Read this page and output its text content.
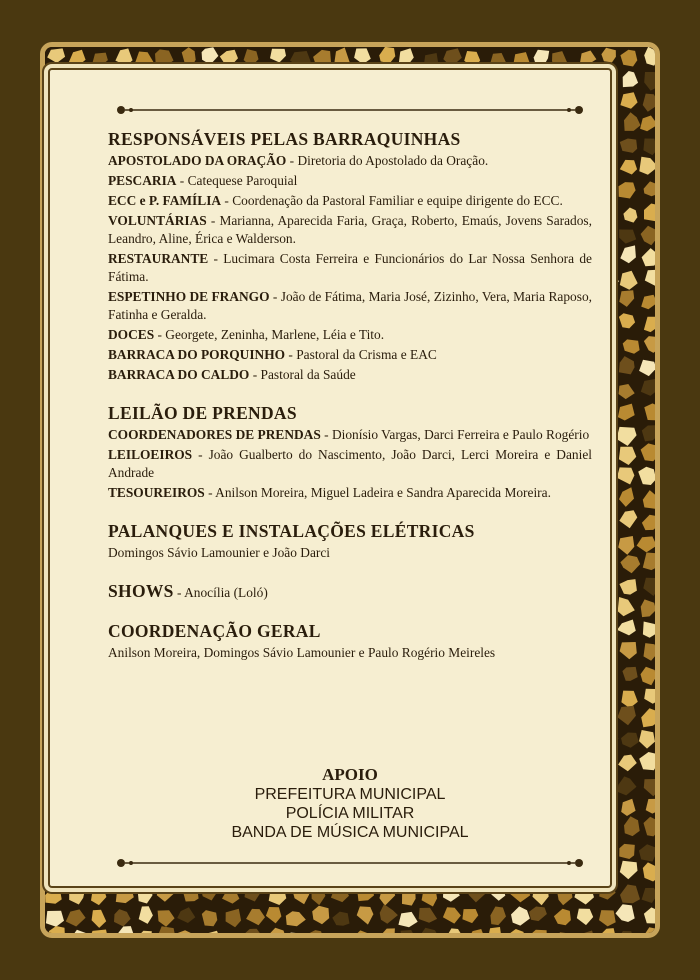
RESPONSÁVEIS PELAS BARRAQUINHAS
APOSTOLADO DA ORAÇÃO - Diretoria do Apostolado da Oração.
PESCARIA - Catequese Paroquial
ECC e P. FAMÍLIA - Coordenação da Pastoral Familiar e equipe dirigente do ECC.
VOLUNTÁRIAS - Marianna, Aparecida Faria, Graça, Roberto, Emaús, Jovens Sarados, Leandro, Aline, Érica e Walderson.
RESTAURANTE - Lucimara Costa Ferreira e Funcionários do Lar Nossa Senhora de Fátima.
ESPETINHO DE FRANGO - João de Fátima, Maria José, Zizinho, Vera, Maria Raposo, Fatinha e Geralda.
DOCES - Georgete, Zeninha, Marlene, Léia e Tito.
BARRACA DO PORQUINHO - Pastoral da Crisma e EAC
BARRACA DO CALDO - Pastoral da Saúde
LEILÃO DE PRENDAS
COORDENADORES DE PRENDAS - Dionísio Vargas, Darci Ferreira e Paulo Rogério
LEILOEIROS - João Gualberto do Nascimento, João Darci, Lerci Moreira e Daniel Andrade
TESOUREIROS - Anilson Moreira, Miguel Ladeira e Sandra Aparecida Moreira.
PALANQUES E INSTALAÇÕES ELÉTRICAS
Domingos Sávio Lamounier e João Darci
SHOWS - Anocília (Loló)
COORDENAÇÃO GERAL
Anilson Moreira, Domingos Sávio Lamounier e Paulo Rogério Meireles
APOIO
PREFEITURA MUNICIPAL
POLÍCIA MILITAR
BANDA DE MÚSICA MUNICIPAL
